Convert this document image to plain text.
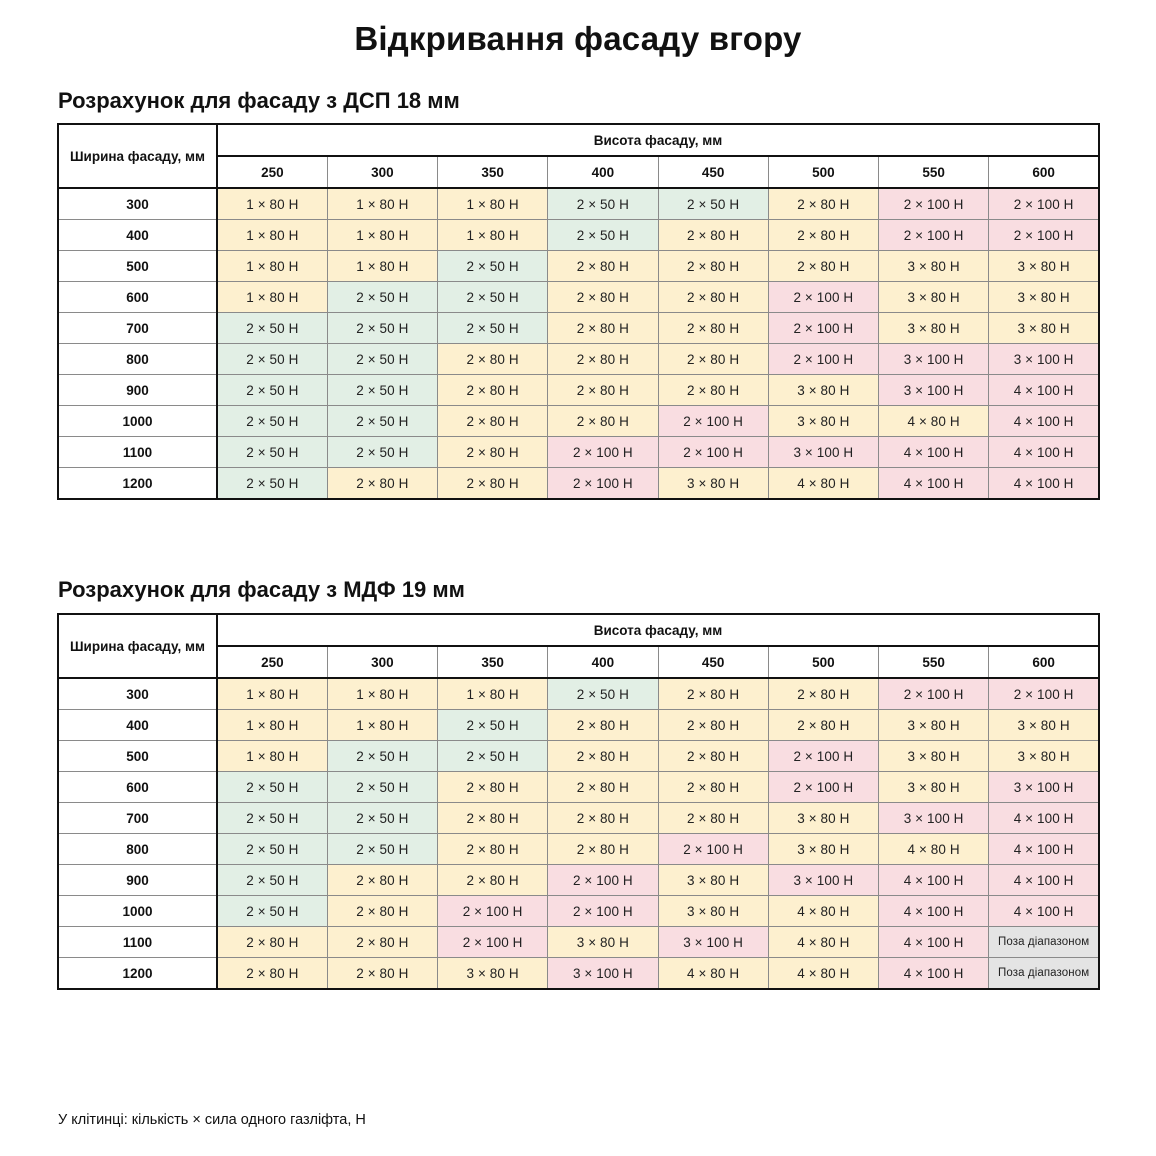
Відкривання фасаду вгору
Розрахунок для фасаду з ДСП 18 мм
Ширина фасаду, мм	Висота фасаду, мм							
	250	300	350	400	450	500	550	600
300	1 × 80 Н	1 × 80 Н	1 × 80 Н	2 × 50 Н	2 × 50 Н	2 × 80 Н	2 × 100 Н	2 × 100 Н
400	1 × 80 Н	1 × 80 Н	1 × 80 Н	2 × 50 Н	2 × 80 Н	2 × 80 Н	2 × 100 Н	2 × 100 Н
500	1 × 80 Н	1 × 80 Н	2 × 50 Н	2 × 80 Н	2 × 80 Н	2 × 80 Н	3 × 80 Н	3 × 80 Н
600	1 × 80 Н	2 × 50 Н	2 × 50 Н	2 × 80 Н	2 × 80 Н	2 × 100 Н	3 × 80 Н	3 × 80 Н
700	2 × 50 Н	2 × 50 Н	2 × 50 Н	2 × 80 Н	2 × 80 Н	2 × 100 Н	3 × 80 Н	3 × 80 Н
800	2 × 50 Н	2 × 50 Н	2 × 80 Н	2 × 80 Н	2 × 80 Н	2 × 100 Н	3 × 100 Н	3 × 100 Н
900	2 × 50 Н	2 × 50 Н	2 × 80 Н	2 × 80 Н	2 × 80 Н	3 × 80 Н	3 × 100 Н	4 × 100 Н
1000	2 × 50 Н	2 × 50 Н	2 × 80 Н	2 × 80 Н	2 × 100 Н	3 × 80 Н	4 × 80 Н	4 × 100 Н
1100	2 × 50 Н	2 × 50 Н	2 × 80 Н	2 × 100 Н	2 × 100 Н	3 × 100 Н	4 × 100 Н	4 × 100 Н
1200	2 × 50 Н	2 × 80 Н	2 × 80 Н	2 × 100 Н	3 × 80 Н	4 × 80 Н	4 × 100 Н	4 × 100 Н
Розрахунок для фасаду з МДФ 19 мм
Ширина фасаду, мм	Висота фасаду, мм							
	250	300	350	400	450	500	550	600
300	1 × 80 Н	1 × 80 Н	1 × 80 Н	2 × 50 Н	2 × 80 Н	2 × 80 Н	2 × 100 Н	2 × 100 Н
400	1 × 80 Н	1 × 80 Н	2 × 50 Н	2 × 80 Н	2 × 80 Н	2 × 80 Н	3 × 80 Н	3 × 80 Н
500	1 × 80 Н	2 × 50 Н	2 × 50 Н	2 × 80 Н	2 × 80 Н	2 × 100 Н	3 × 80 Н	3 × 80 Н
600	2 × 50 Н	2 × 50 Н	2 × 80 Н	2 × 80 Н	2 × 80 Н	2 × 100 Н	3 × 80 Н	3 × 100 Н
700	2 × 50 Н	2 × 50 Н	2 × 80 Н	2 × 80 Н	2 × 80 Н	3 × 80 Н	3 × 100 Н	4 × 100 Н
800	2 × 50 Н	2 × 50 Н	2 × 80 Н	2 × 80 Н	2 × 100 Н	3 × 80 Н	4 × 80 Н	4 × 100 Н
900	2 × 50 Н	2 × 80 Н	2 × 80 Н	2 × 100 Н	3 × 80 Н	3 × 100 Н	4 × 100 Н	4 × 100 Н
1000	2 × 50 Н	2 × 80 Н	2 × 100 Н	2 × 100 Н	3 × 80 Н	4 × 80 Н	4 × 100 Н	4 × 100 Н
1100	2 × 80 Н	2 × 80 Н	2 × 100 Н	3 × 80 Н	3 × 100 Н	4 × 80 Н	4 × 100 Н	Поза діапазоном
1200	2 × 80 Н	2 × 80 Н	3 × 80 Н	3 × 100 Н	4 × 80 Н	4 × 80 Н	4 × 100 Н	Поза діапазоном

У клітинці: кількість × сила одного газліфта, Н
